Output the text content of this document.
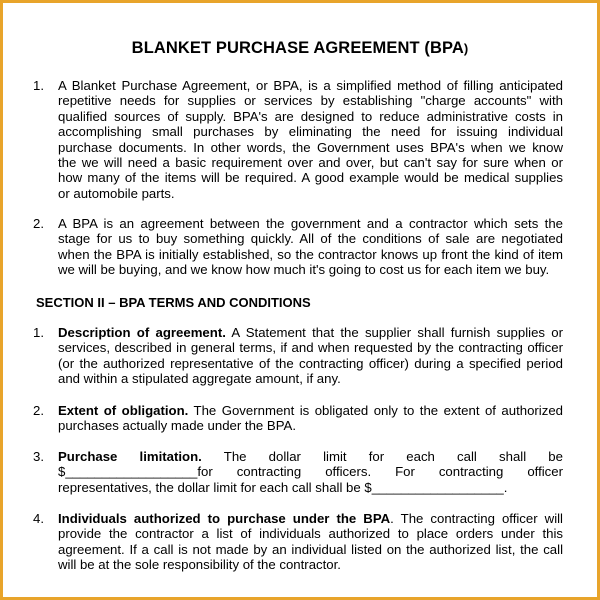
BLANKET PURCHASE AGREEMENT (BPA)
1. A Blanket Purchase Agreement, or BPA, is a simplified method of filling anticipated
repetitive needs for supplies or services by establishing "charge accounts" with
qualified sources of supply. BPA's are designed to reduce administrative costs in
accomplishing small purchases by eliminating the need for issuing individual
purchase documents. In other words, the Government uses BPA's when we know
the we will need a basic requirement over and over, but can't say for sure when or
how many of the items will be required. A good example would be medical supplies
or automobile parts.
2. A BPA is an agreement between the government and a contractor which sets the
stage for us to buy something quickly. All of the conditions of sale are negotiated
when the BPA is initially established, so the contractor knows up front the kind of item
we will be buying, and we know how much it's going to cost us for each item we buy.
SECTION II – BPA TERMS AND CONDITIONS
1. Description of agreement. A Statement that the supplier shall furnish supplies or
services, described in general terms, if and when requested by the contracting officer
(or the authorized representative of the contracting officer) during a specified period
and within a stipulated aggregate amount, if any.
2. Extent of obligation. The Government is obligated only to the extent of authorized
purchases actually made under the BPA.
3. Purchase limitation. The dollar limit for each call shall be
$__________________for contracting officers. For contracting officer
representatives, the dollar limit for each call shall be $__________________.
4. Individuals authorized to purchase under the BPA. The contracting officer will
provide the contractor a list of individuals authorized to place orders under this
agreement. If a call is not made by an individual listed on the authorized list, the call
will be at the sole responsibility of the contractor.
